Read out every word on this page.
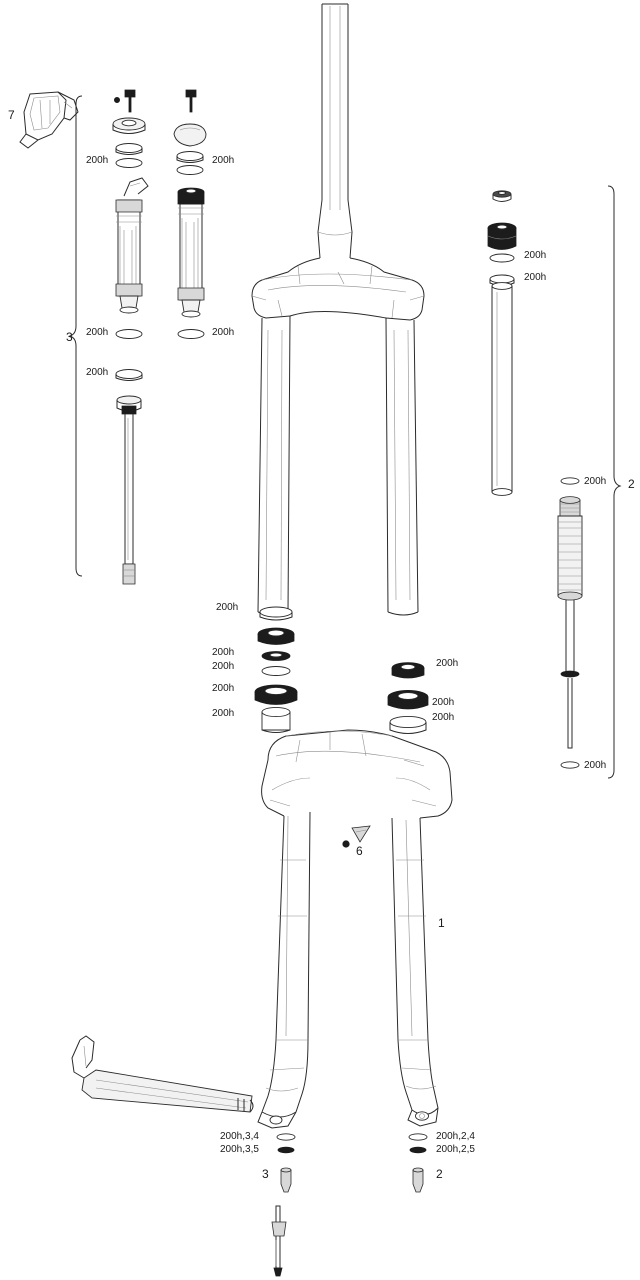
7
3
2
1
6
3	2
200h	200h
200h	200h
200h
200h
200h
200h
200h
200h
200h
200h
200h
200h
200h
200h
200h
200h,3,4
200h,3,5
200h,2,4
200h,2,5
